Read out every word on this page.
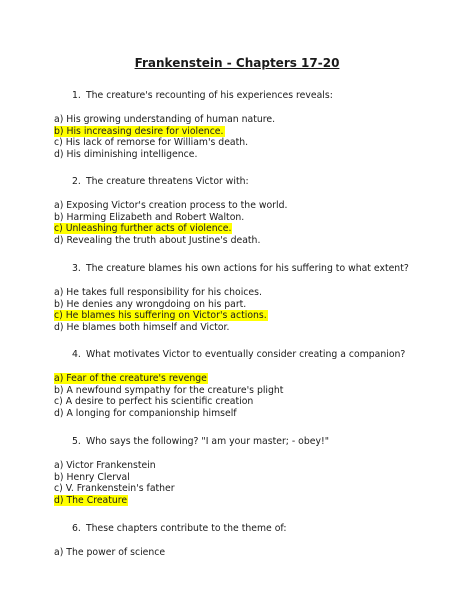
Frankenstein - Chapters 17-20
1. The creature's recounting of his experiences reveals:
a) His growing understanding of human nature.
b) His increasing desire for violence.
c) His lack of remorse for William's death.
d) His diminishing intelligence.
2. The creature threatens Victor with:
a) Exposing Victor's creation process to the world.
b) Harming Elizabeth and Robert Walton.
c) Unleashing further acts of violence.
d) Revealing the truth about Justine's death.
3. The creature blames his own actions for his suffering to what extent?
a) He takes full responsibility for his choices.
b) He denies any wrongdoing on his part.
c) He blames his suffering on Victor's actions.
d) He blames both himself and Victor.
4. What motivates Victor to eventually consider creating a companion?
a) Fear of the creature's revenge
b) A newfound sympathy for the creature's plight
c) A desire to perfect his scientific creation
d) A longing for companionship himself
5. Who says the following? "I am your master; - obey!"
a) Victor Frankenstein
b) Henry Clerval
c) V. Frankenstein's father
d) The Creature
6. These chapters contribute to the theme of:
a) The power of science
